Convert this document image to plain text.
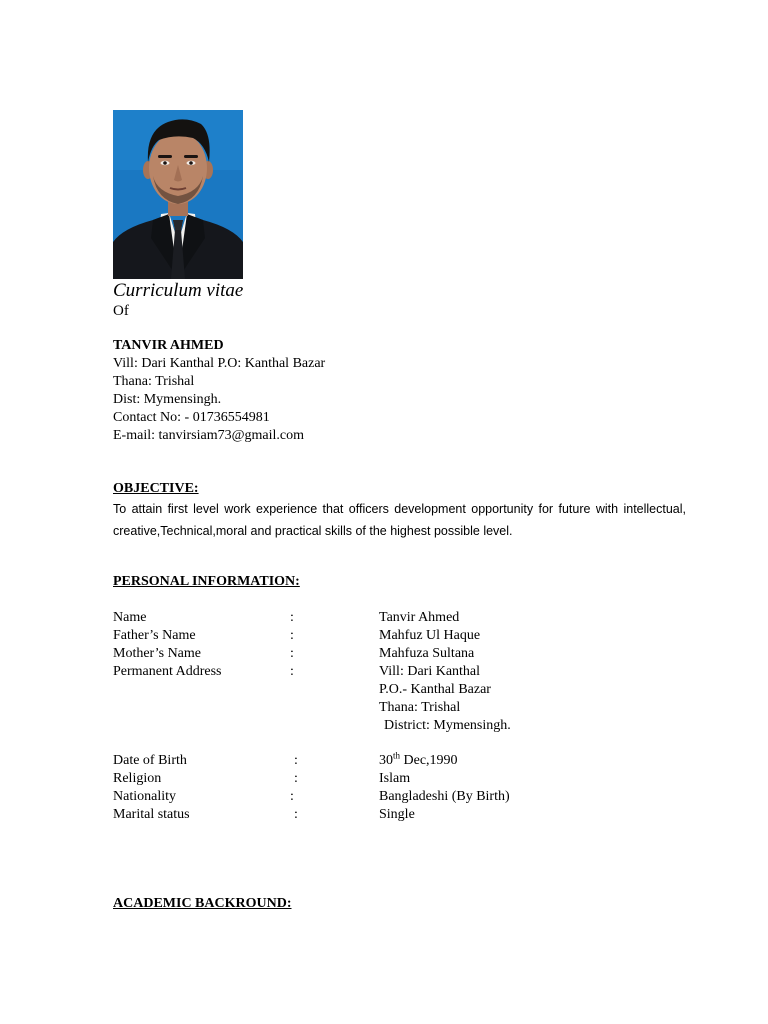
Curriculum vitae
Of
TANVIR AHMED
Vill: Dari Kanthal P.O: Kanthal Bazar
Thana: Trishal
Dist: Mymensingh.
Contact No: - 01736554981
E-mail: tanvirsiam73@gmail.com
OBJECTIVE:
To attain first level work experience that officers development opportunity for future with intellectual, creative,Technical,moral and practical skills of the highest possible level.
PERSONAL INFORMATION:
Name	:	Tanvir Ahmed
Father’s Name	:	Mahfuz Ul Haque
Mother’s Name	:	Mahfuza Sultana
Permanent Address	:	Vill: Dari Kanthal
P.O.- Kanthal Bazar
Thana: Trishal
District: Mymensingh.
Date of Birth	:	30th Dec,1990
Religion	:	Islam
Nationality	:	Bangladeshi (By Birth)
Marital status	:	Single
ACADEMIC BACKROUND:
